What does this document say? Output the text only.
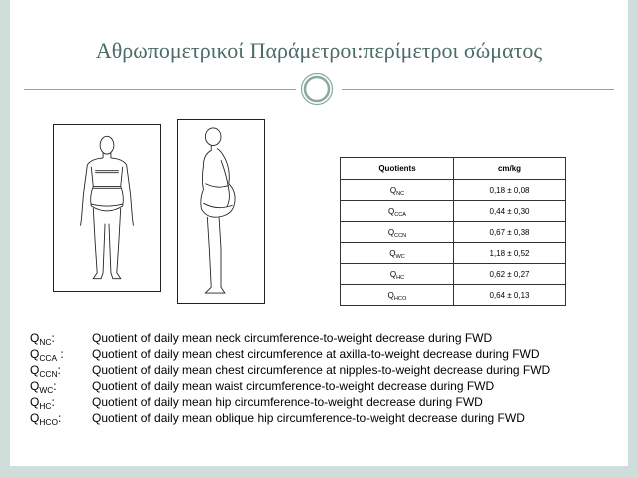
Αθρωπομετρικοί Παράμετροι:περίμετροι σώματος
Quotients	cm/kg
$Q_{NC}$	0,18 ± 0,08
$Q_{CCA}$	0,44 ± 0,30
$Q_{CCN}$	0,67 ± 0,38
$Q_{WC}$	1,18 ± 0,52
$Q_{HC}$	0,62 ± 0,27
$Q_{HCO}$	0,64 ± 0,13
$Q_{NC}$:	Quotient of daily mean neck circumference-to-weight decrease during FWD
$Q_{CCA}$ :	Quotient of daily mean chest circumference at axilla-to-weight decrease during FWD
$Q_{CCN}$:	Quotient of daily mean chest circumference at nipples-to-weight decrease during FWD
$Q_{WC}$:	Quotient of daily mean waist circumference-to-weight decrease during FWD
$Q_{HC}$:	Quotient of daily mean hip circumference-to-weight decrease during FWD
$Q_{HCO}$:	Quotient of daily mean oblique hip circumference-to-weight decrease during FWD
